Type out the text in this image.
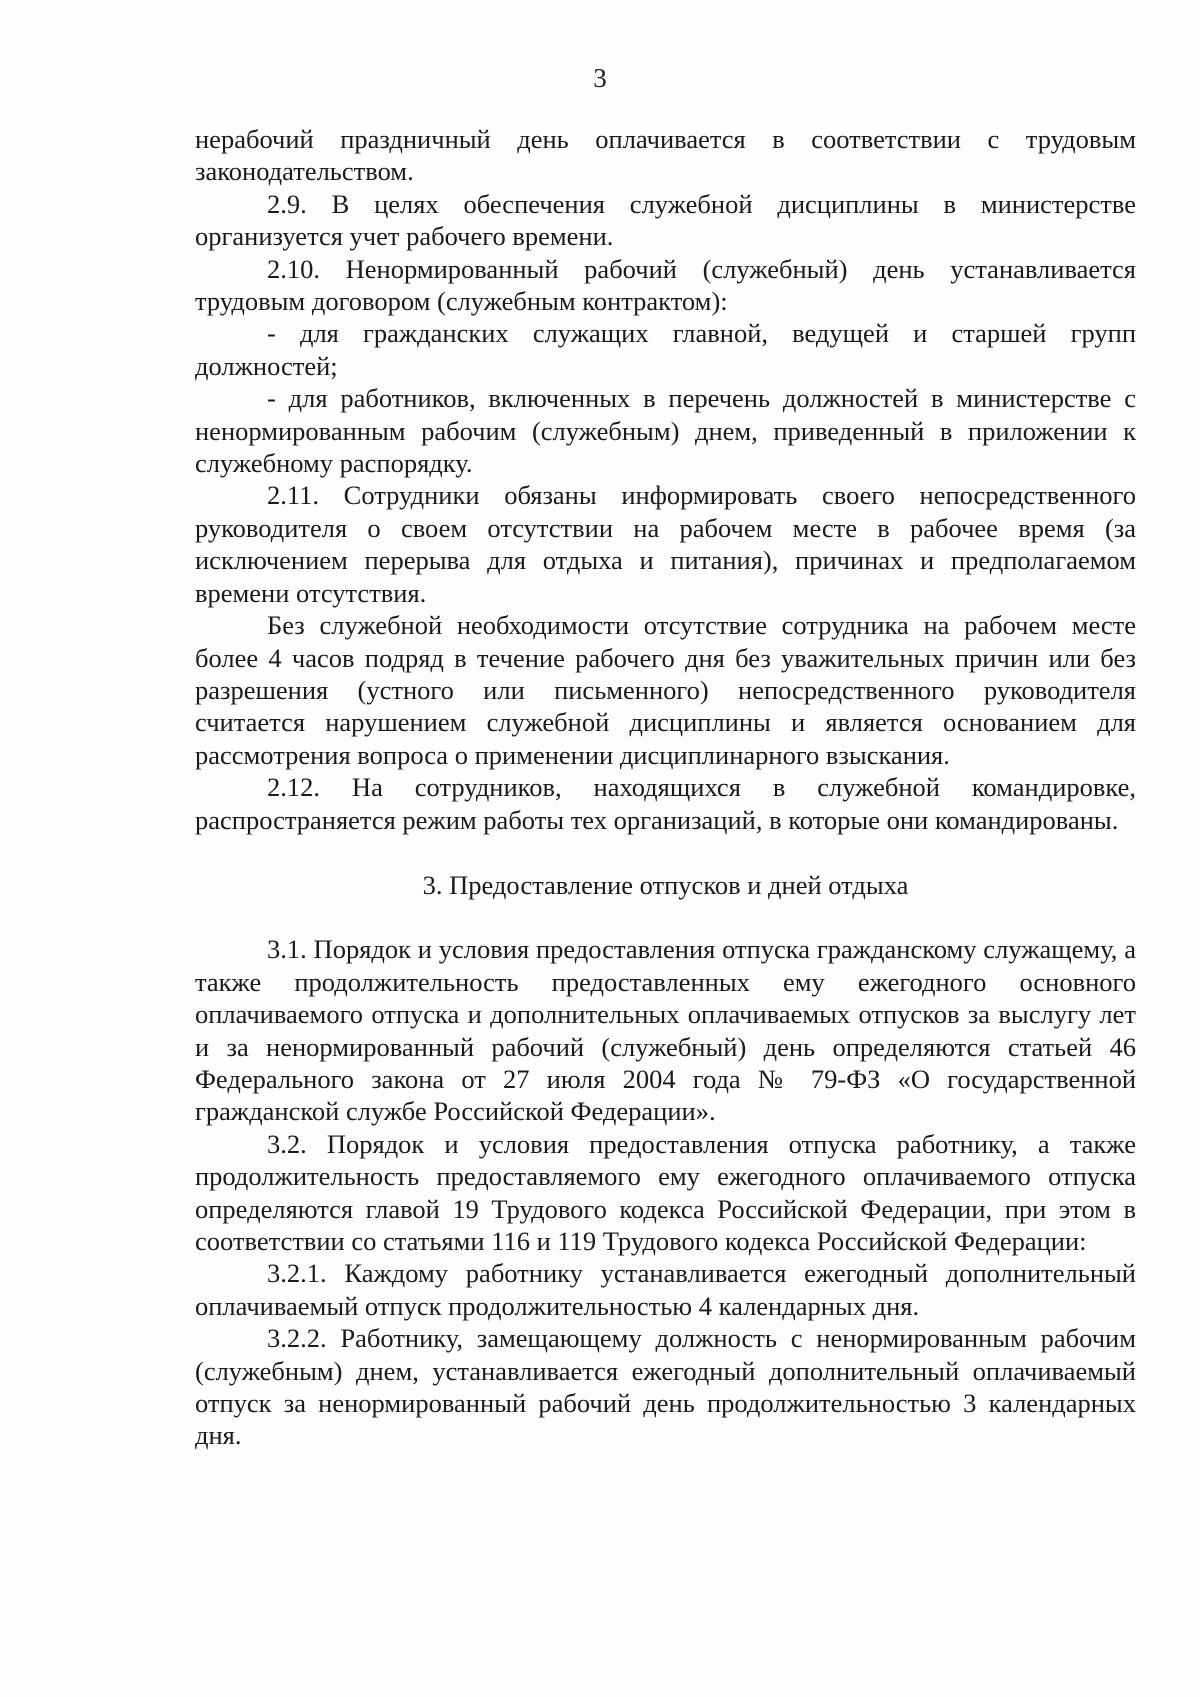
3

нерабочий праздничный день оплачивается в соответствии с трудовым законодательством.

2.9. В целях обеспечения служебной дисциплины в министерстве организуется учет рабочего времени.

2.10. Ненормированный рабочий (служебный) день устанавливается трудовым договором (служебным контрактом):

- для гражданских служащих главной, ведущей и старшей групп должностей;

- для работников, включенных в перечень должностей в министерстве с ненормированным рабочим (служебным) днем, приведенный в приложении к служебному распорядку.

2.11. Сотрудники обязаны информировать своего непосредственного руководителя о своем отсутствии на рабочем месте в рабочее время (за исключением перерыва для отдыха и питания), причинах и предполагаемом времени отсутствия.

Без служебной необходимости отсутствие сотрудника на рабочем месте более 4 часов подряд в течение рабочего дня без уважительных причин или без разрешения (устного или письменного) непосредственного руководителя считается нарушением служебной дисциплины и является основанием для рассмотрения вопроса о применении дисциплинарного взыскания.

2.12. На сотрудников, находящихся в служебной командировке, распространяется режим работы тех организаций, в которые они командированы.

3. Предоставление отпусков и дней отдыха

3.1. Порядок и условия предоставления отпуска гражданскому служащему, а также продолжительность предоставленных ему ежегодного основного оплачиваемого отпуска и дополнительных оплачиваемых отпусков за выслугу лет и за ненормированный рабочий (служебный) день определяются статьей 46 Федерального закона от 27 июля 2004 года № 79-ФЗ «О государственной гражданской службе Российской Федерации».

3.2. Порядок и условия предоставления отпуска работнику, а также продолжительность предоставляемого ему ежегодного оплачиваемого отпуска определяются главой 19 Трудового кодекса Российской Федерации, при этом в соответствии со статьями 116 и 119 Трудового кодекса Российской Федерации:

3.2.1. Каждому работнику устанавливается ежегодный дополнительный оплачиваемый отпуск продолжительностью 4 календарных дня.

3.2.2. Работнику, замещающему должность с ненормированным рабочим (служебным) днем, устанавливается ежегодный дополнительный оплачиваемый отпуск за ненормированный рабочий день продолжительностью 3 календарных дня.
